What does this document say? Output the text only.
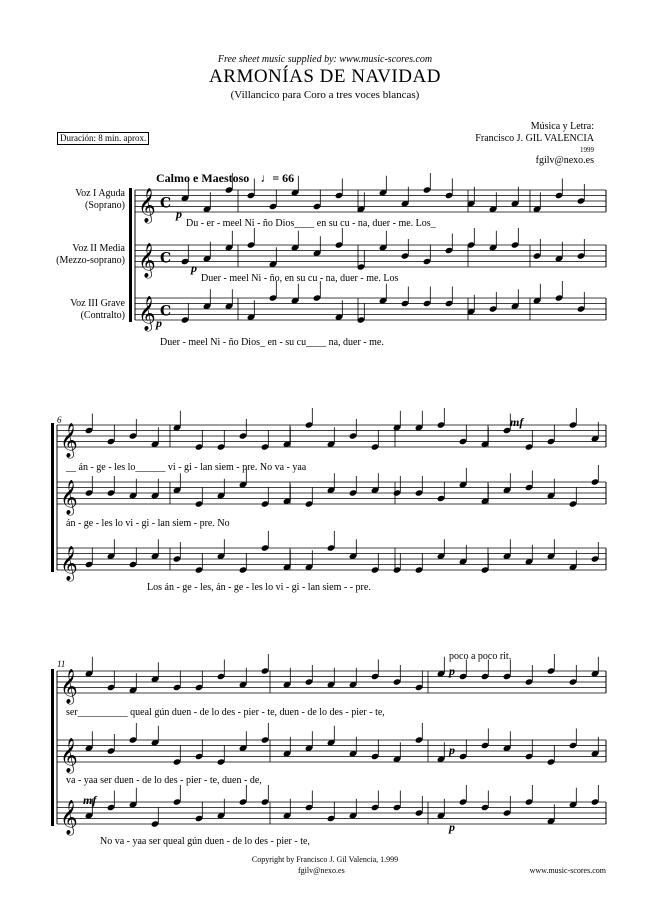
Free sheet music supplied by: www.music-scores.com
ARMONÍAS DE NAVIDAD
(Villancico para Coro a tres voces blancas)
Música y Letra:
Francisco J. GIL VALENCIA
1999
fgilv@nexo.es
Duración: 8 min. aprox.
Calmo e Maestoso ♩= 66
Voz I Aguda
(Soprano)
Voz II Media
(Mezzo-soprano)
Voz III Grave
(Contralto)
𝄞 C
𝄞 C
𝄞 C
𝄞
𝄞
𝄞
𝄞
𝄞
𝄞
6
11
poco a poco rit.
p
p
p
mf
p
p
mf
p
Du - er - meel Ni - ño Dios____ en su cu - na, duer - me. Los_
Duer - meel Ni - ño, en su cu - na, duer - me. Los
Duer - meel Ni - ño Dios_ en - su cu____ na, duer - me.
__ án - ge - les lo______ vi - gi - lan siem - pre. No va - yaa
án - ge - les lo vi - gi - lan siem - pre. No
Los án - ge - les, án - ge - les lo vi - gi - lan siem - - pre.
ser__________ queal gún duen - de lo des - pier - te, duen - de lo des - pier - te,
va - yaa ser duen - de lo des - pier - te, duen - de,
No va - yaa ser queal gún duen - de lo des - pier - te,
Copyright by Francisco J. Gil Valencia, 1.999
fgilv@nexo.es	www.music-scores.com
